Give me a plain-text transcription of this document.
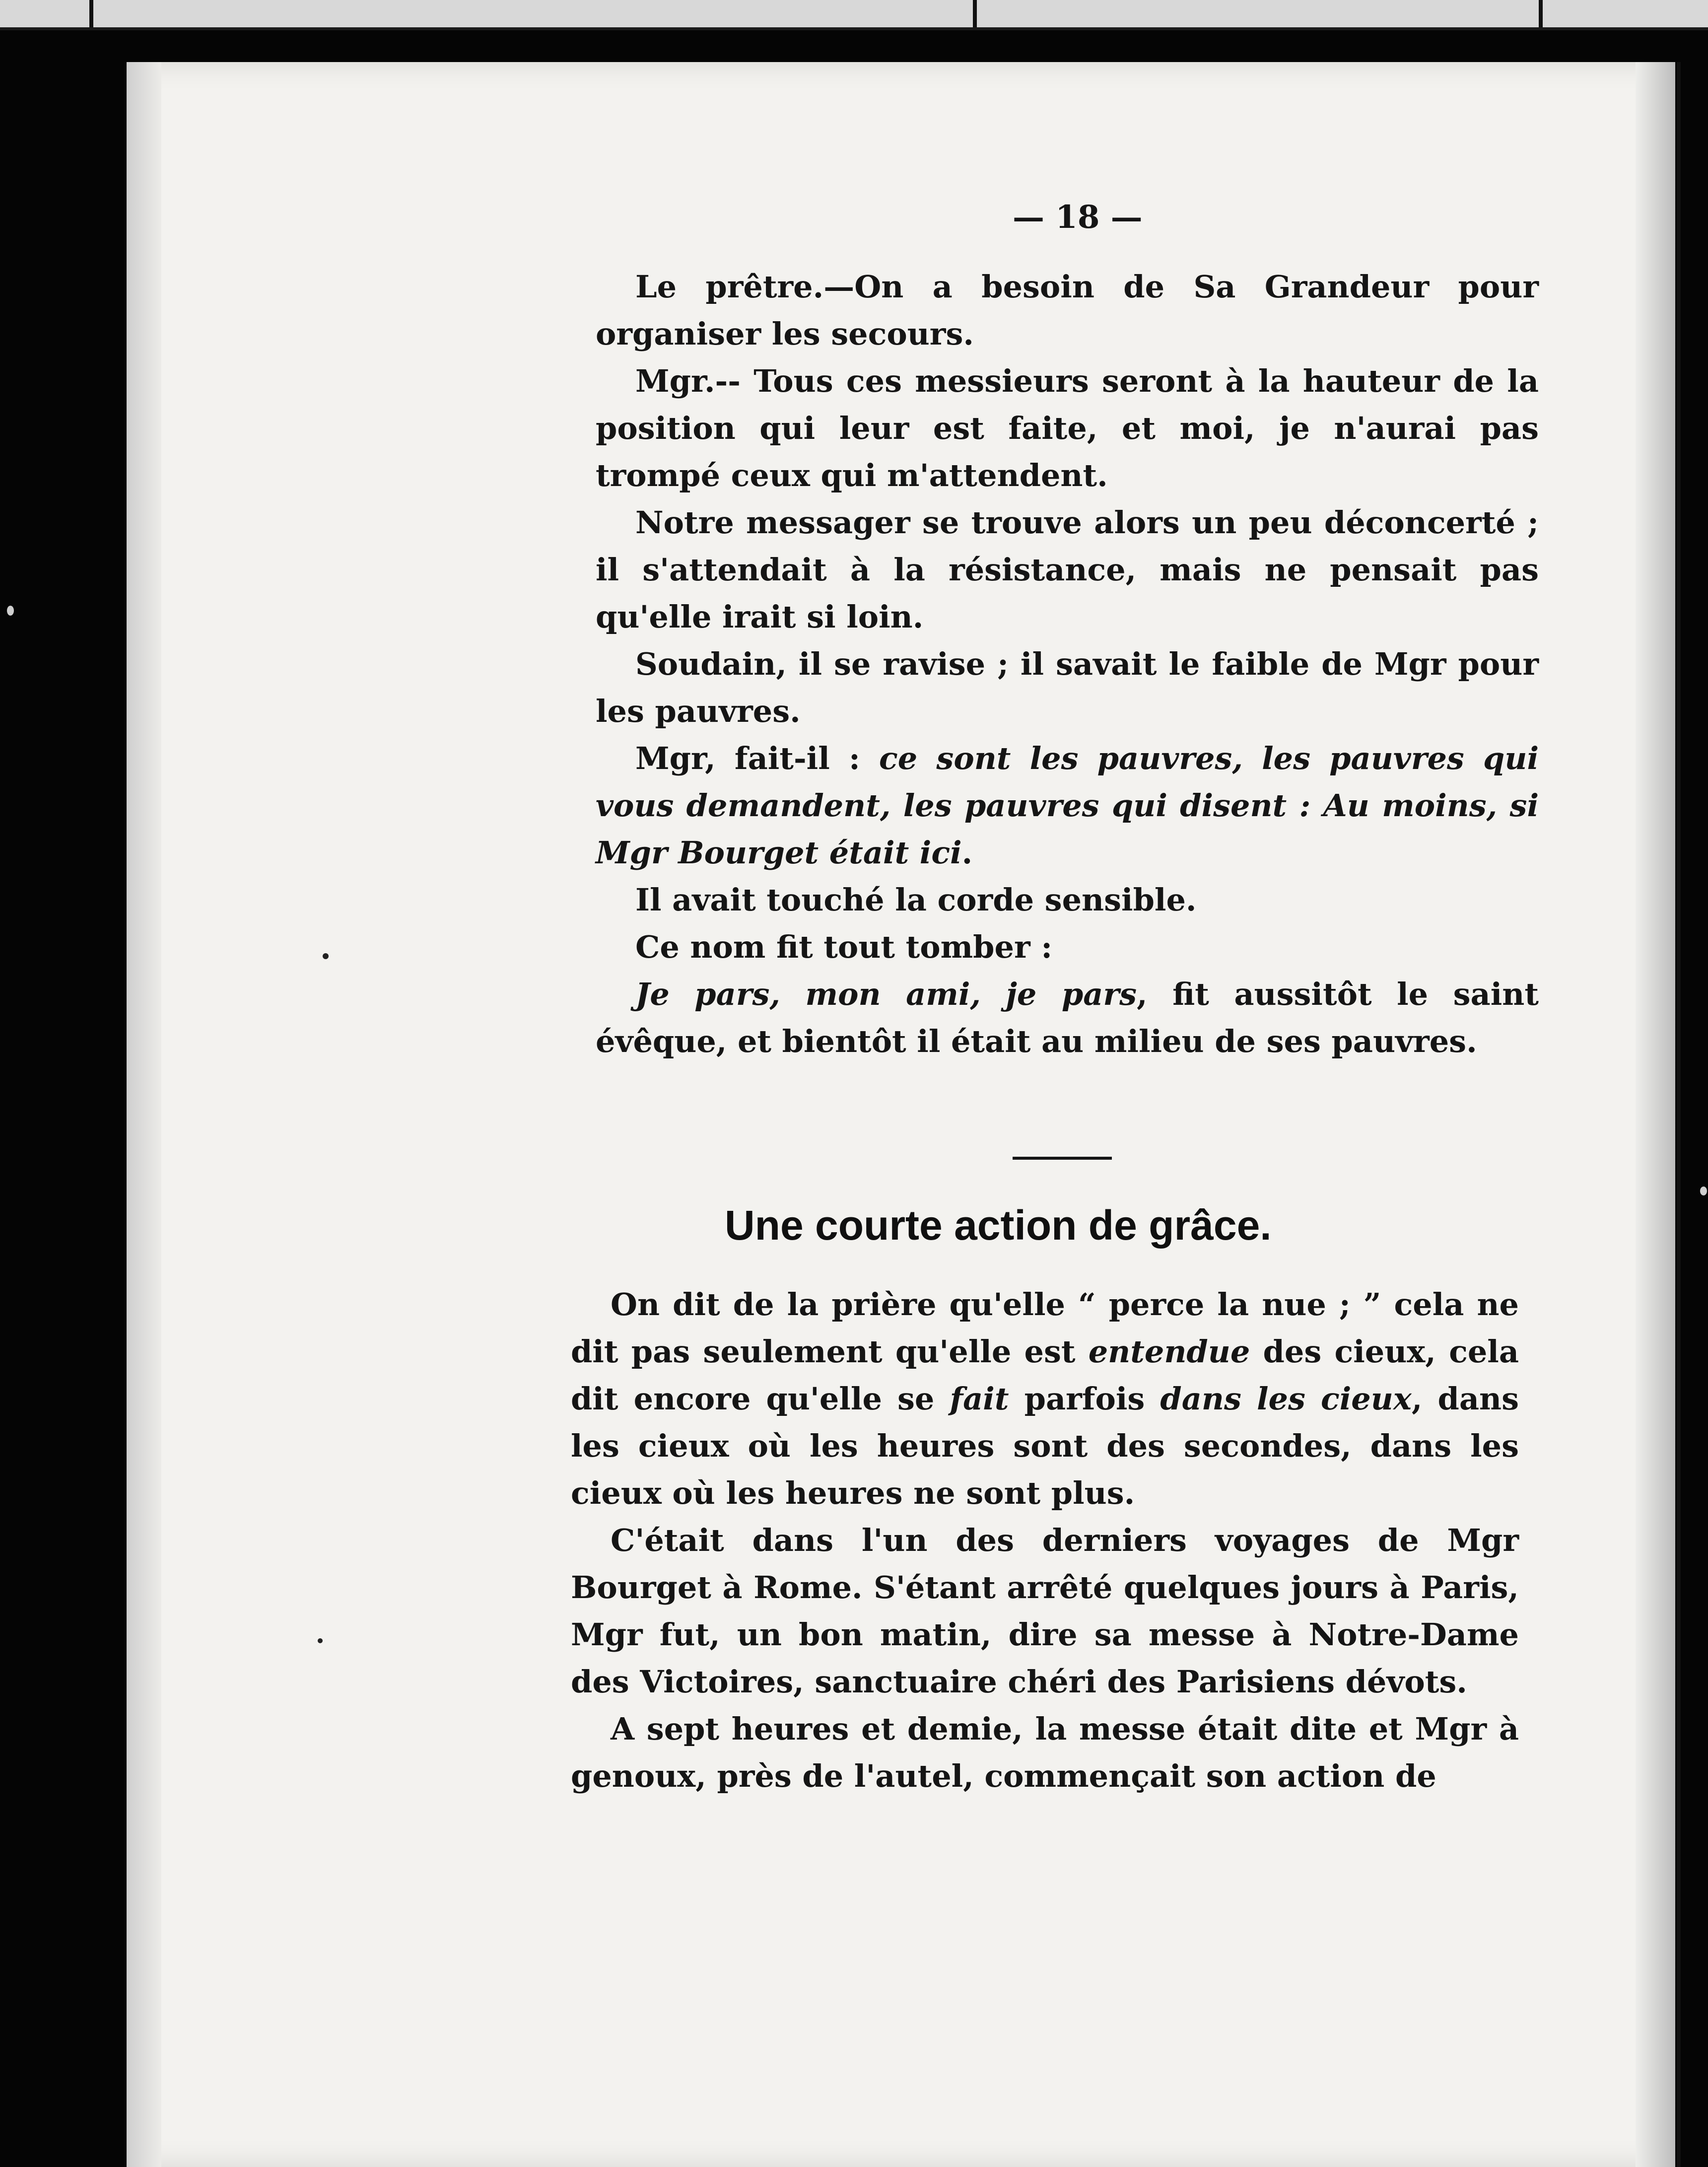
— 18 —

Le prêtre.—On a besoin de Sa Grandeur pour organiser les secours.

Mgr.-- Tous ces messieurs seront à la hauteur de la position qui leur est faite, et moi, je n'aurai pas trompé ceux qui m'attendent.

Notre messager se trouve alors un peu déconcerté ; il s'attendait à la résistance, mais ne pensait pas qu'elle irait si loin.

Soudain, il se ravise ; il savait le faible de Mgr pour les pauvres.

Mgr, fait-il : ce sont les pauvres, les pauvres qui vous demandent, les pauvres qui disent : Au moins, si Mgr Bourget était ici.

Il avait touché la corde sensible.

Ce nom fit tout tomber :

Je pars, mon ami, je pars, fit aussitôt le saint évêque, et bientôt il était au milieu de ses pauvres.

Une courte action de grâce.

On dit de la prière qu'elle “ perce la nue ; ” cela ne dit pas seulement qu'elle est entendue des cieux, cela dit encore qu'elle se fait parfois dans les cieux, dans les cieux où les heures sont des secondes, dans les cieux où les heures ne sont plus.

C'était dans l'un des derniers voyages de Mgr Bourget à Rome. S'étant arrêté quelques jours à Paris, Mgr fut, un bon matin, dire sa messe à Notre-Dame des Victoires, sanctuaire chéri des Parisiens dévots.

A sept heures et demie, la messe était dite et Mgr à genoux, près de l'autel, commençait son action de
